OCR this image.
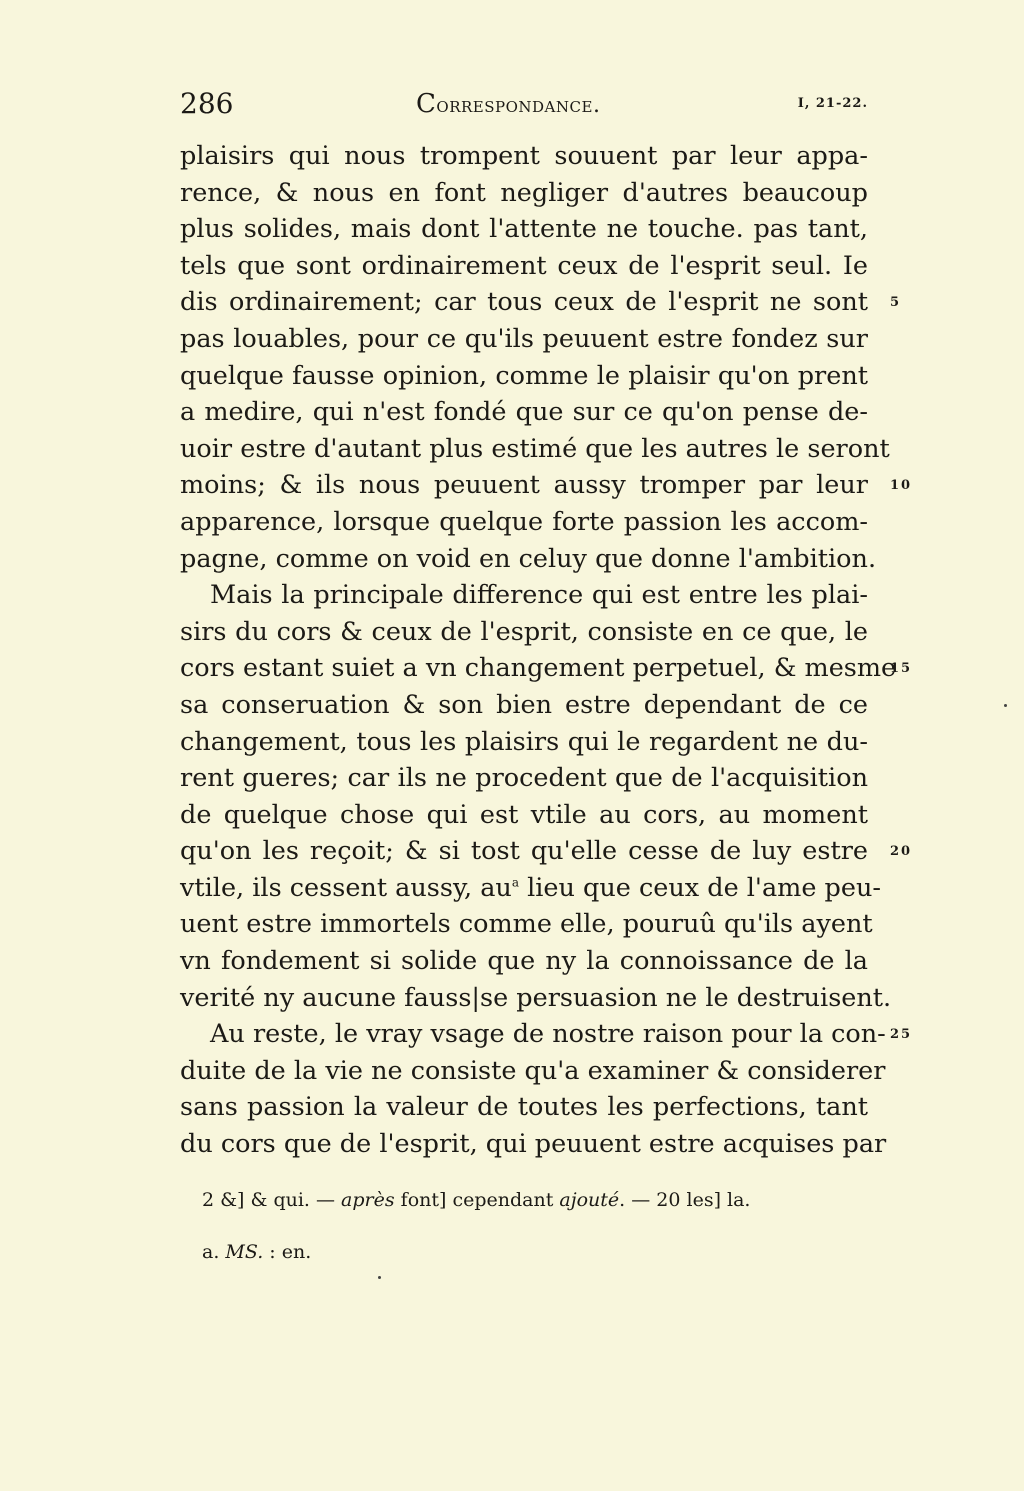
286	Correspondance.	I, 21-22.
plaisirs qui nous trompent souuent par leur appa-
rence, & nous en font negliger d'autres beaucoup
plus solides, mais dont l'attente ne touche. pas tant,
tels que sont ordinairement ceux de l'esprit seul. Ie
dis ordinairement; car tous ceux de l'esprit ne sont
pas louables, pour ce qu'ils peuuent estre fondez sur
quelque fausse opinion, comme le plaisir qu'on prent
a medire, qui n'est fondé que sur ce qu'on pense de-
uoir estre d'autant plus estimé que les autres le seront
moins; & ils nous peuuent aussy tromper par leur
apparence, lorsque quelque forte passion les accom-
pagne, comme on void en celuy que donne l'ambition.
Mais la principale difference qui est entre les plai-
sirs du cors & ceux de l'esprit, consiste en ce que, le
cors estant suiet a vn changement perpetuel, & mesme
sa conseruation & son bien estre dependant de ce
changement, tous les plaisirs qui le regardent ne du-
rent gueres; car ils ne procedent que de l'acquisition
de quelque chose qui est vtile au cors, au moment
qu'on les reçoit; & si tost qu'elle cesse de luy estre
vtile, ils cessent aussy, $au^a$ lieu que ceux de l'ame peu-
uent estre immortels comme elle, pouruû qu'ils ayent
vn fondement si solide que ny la connoissance de la
verité ny aucune fauss|se persuasion ne le destruisent.
Au reste, le vray vsage de nostre raison pour la con-
duite de la vie ne consiste qu'a examiner & considerer
sans passion la valeur de toutes les perfections, tant
du cors que de l'esprit, qui peuuent estre acquises par
5
10
15
20
25
2 &] & qui. — après font] cependant ajouté. — 20 les] la.
a. MS. : en.
